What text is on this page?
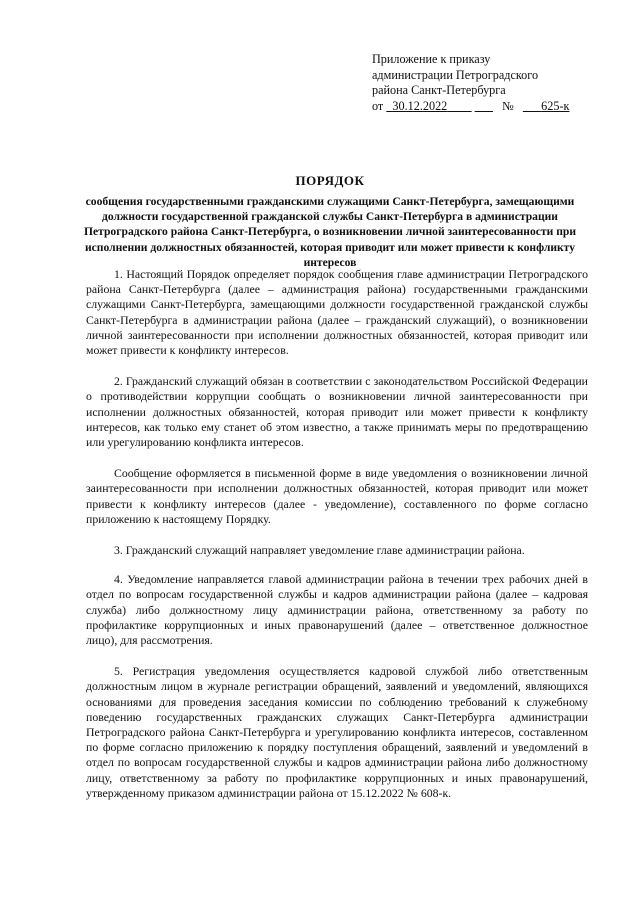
Приложение к приказу
администрации Петроградского
района Санкт-Петербурга
от 30.12.2022	№ 625-к
ПОРЯДОК
сообщения государственными гражданскими служащими Санкт-Петербурга, замещающими должности государственной гражданской службы Санкт-Петербурга в администрации Петроградского района Санкт-Петербурга, о возникновении личной заинтересованности при исполнении должностных обязанностей, которая приводит или может привести к конфликту интересов

1. Настоящий Порядок определяет порядок сообщения главе администрации Петроградского района Санкт-Петербурга (далее – администрация района) государственными гражданскими служащими Санкт-Петербурга, замещающими должности государственной гражданской службы Санкт-Петербурга в администрации района (далее – гражданский служащий), о возникновении личной заинтересованности при исполнении должностных обязанностей, которая приводит или может привести к конфликту интересов.

2. Гражданский служащий обязан в соответствии с законодательством Российской Федерации о противодействии коррупции сообщать о возникновении личной заинтересованности при исполнении должностных обязанностей, которая приводит или может привести к конфликту интересов, как только ему станет об этом известно, а также принимать меры по предотвращению или урегулированию конфликта интересов.

Сообщение оформляется в письменной форме в виде уведомления о возникновении личной заинтересованности при исполнении должностных обязанностей, которая приводит или может привести к конфликту интересов (далее - уведомление), составленного по форме согласно приложению к настоящему Порядку.

3. Гражданский служащий направляет уведомление главе администрации района.

4. Уведомление направляется главой администрации района в течении трех рабочих дней в отдел по вопросам государственной службы и кадров администрации района (далее – кадровая служба) либо должностному лицу администрации района, ответственному за работу по профилактике коррупционных и иных правонарушений (далее – ответственное должностное лицо), для рассмотрения.

5. Регистрация уведомления осуществляется кадровой службой либо ответственным должностным лицом в журнале регистрации обращений, заявлений и уведомлений, являющихся основаниями для проведения заседания комиссии по соблюдению требований к служебному поведению государственных гражданских служащих Санкт-Петербурга администрации Петроградского района Санкт-Петербурга и урегулированию конфликта интересов, составленном по форме согласно приложению к порядку поступления обращений, заявлений и уведомлений в отдел по вопросам государственной службы и кадров администрации района либо должностному лицу, ответственному за работу по профилактике коррупционных и иных правонарушений, утвержденному приказом администрации района от 15.12.2022 № 608-к.
